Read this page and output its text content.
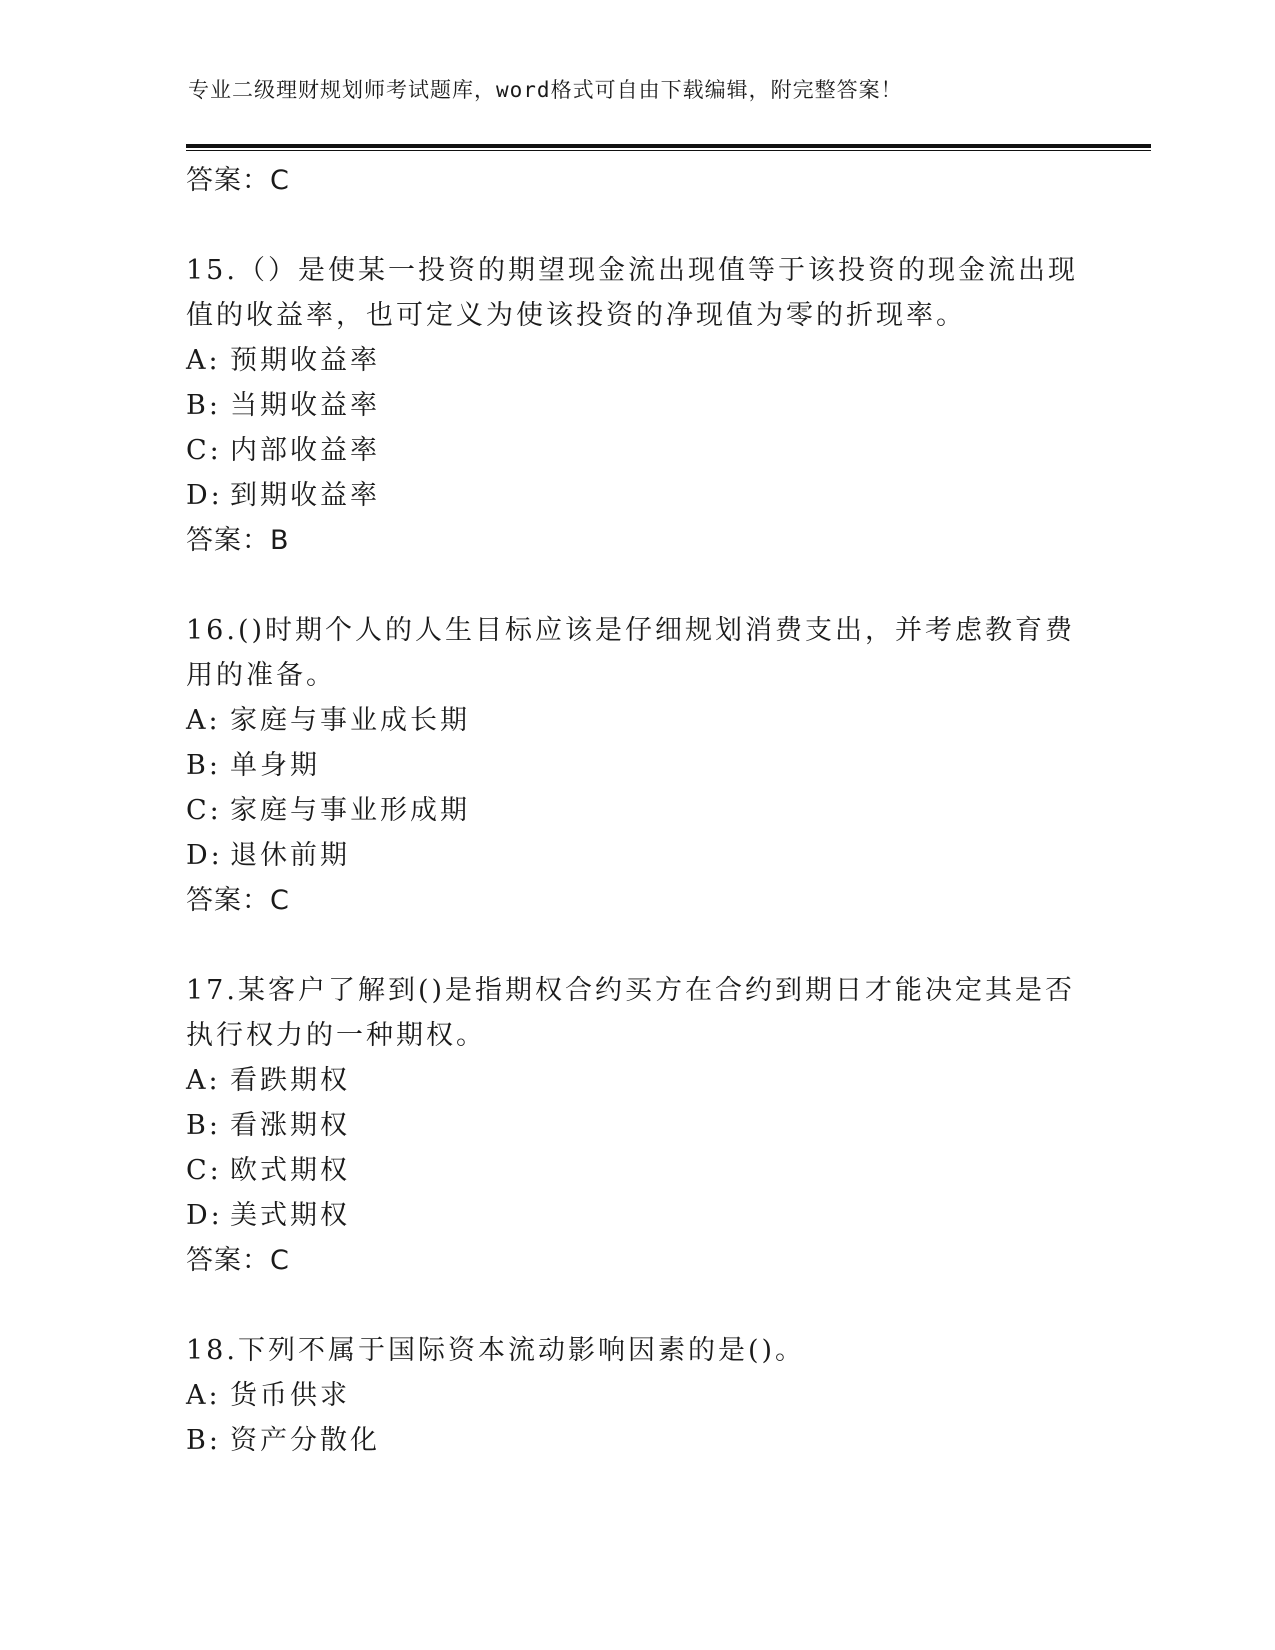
专业二级理财规划师考试题库，word格式可自由下载编辑，附完整答案！
答案：C

15.（）是使某一投资的期望现金流出现值等于该投资的现金流出现值的收益率，也可定义为使该投资的净现值为零的折现率。

A: 预期收益率
B: 当期收益率
C: 内部收益率
D: 到期收益率
答案：B

16.()时期个人的人生目标应该是仔细规划消费支出，并考虑教育费用的准备。

A: 家庭与事业成长期
B: 单身期
C: 家庭与事业形成期
D: 退休前期
答案：C

17.某客户了解到()是指期权合约买方在合约到期日才能决定其是否执行权力的一种期权。

A: 看跌期权
B: 看涨期权
C: 欧式期权
D: 美式期权
答案：C

18.下列不属于国际资本流动影响因素的是()。

A: 货币供求
B: 资产分散化
